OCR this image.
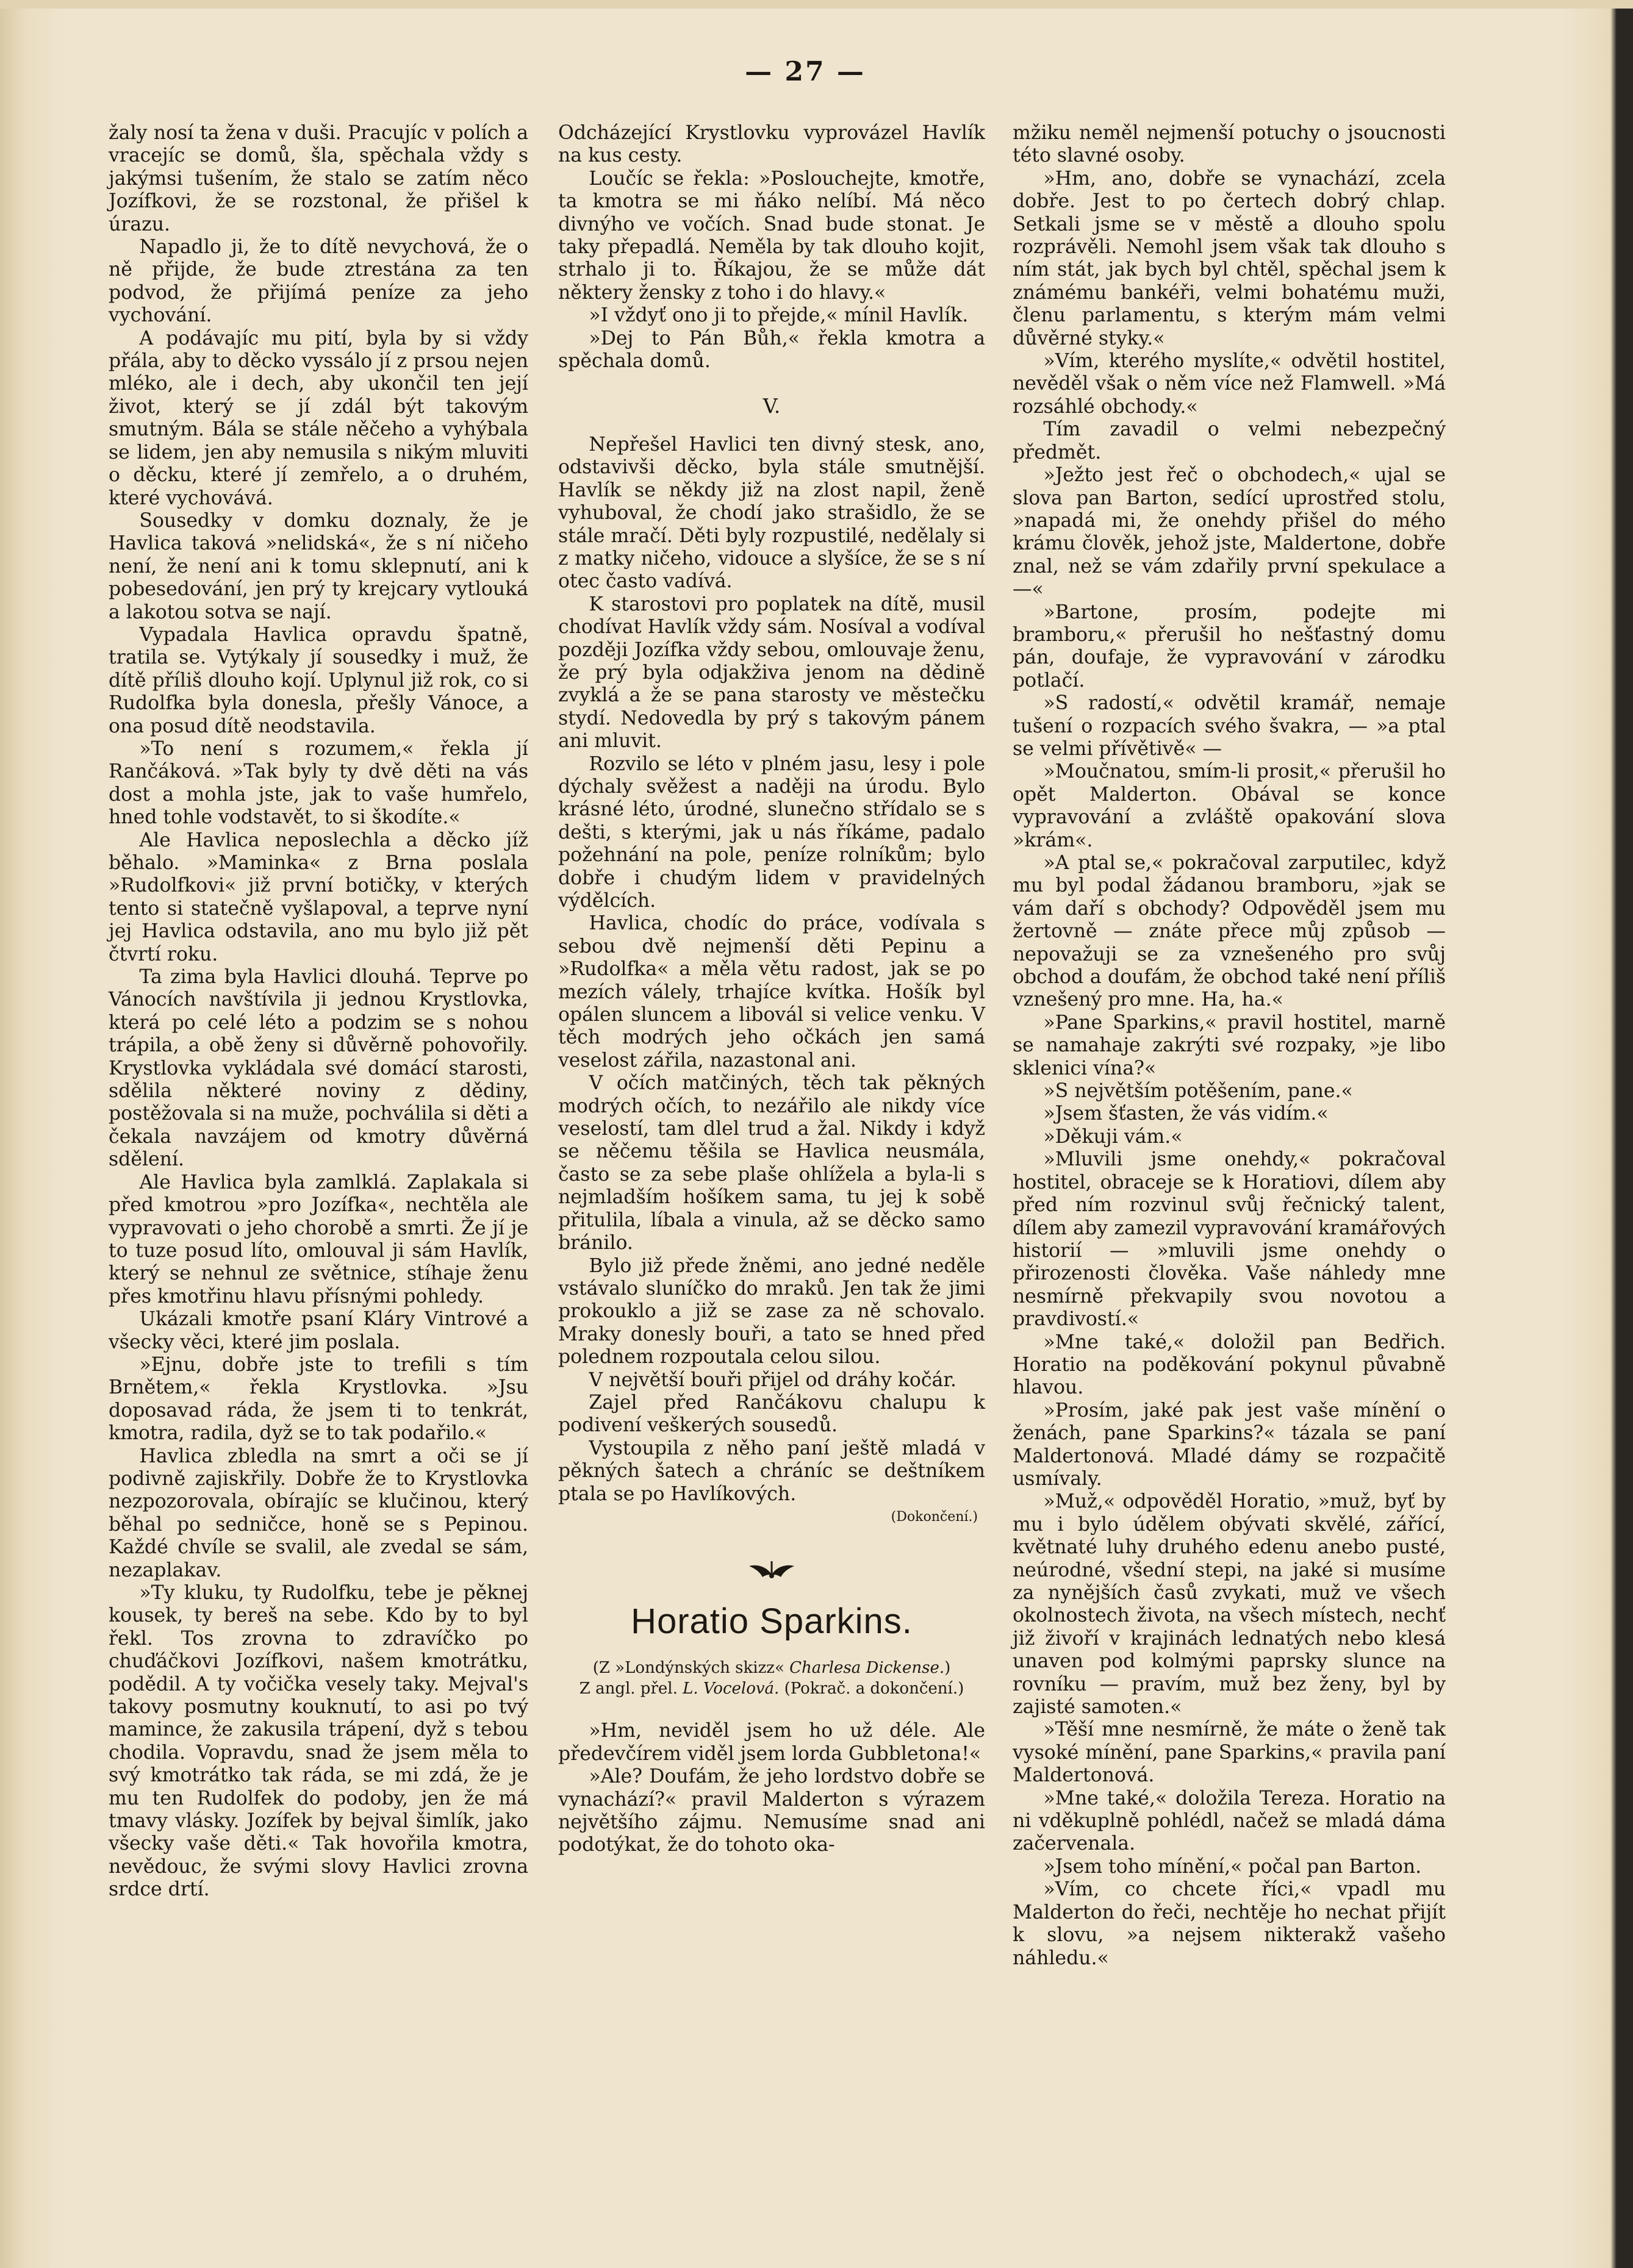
— 27 —

žaly nosí ta žena v duši. Pracujíc v polích a vracejíc se domů, šla, spěchala vždy s jakýmsi tušením, že stalo se zatím něco Jozífkovi, že se rozstonal, že přišel k úrazu.

Napadlo ji, že to dítě nevychová, že o ně přijde, že bude ztrestána za ten podvod, že přijímá peníze za jeho vychování.

A podávajíc mu pití, byla by si vždy přála, aby to děcko vyssálo jí z prsou nejen mléko, ale i dech, aby ukončil ten její život, který se jí zdál být takovým smutným. Bála se stále něčeho a vyhýbala se lidem, jen aby nemusila s nikým mluviti o děcku, které jí zemřelo, a o druhém, které vychovává.

Sousedky v domku doznaly, že je Havlica taková »nelidská«, že s ní ničeho není, že není ani k tomu sklepnutí, ani k pobesedování, jen prý ty krejcary vytlouká a lakotou sotva se nají.

Vypadala Havlica opravdu špatně, tratila se. Vytýkaly jí sousedky i muž, že dítě příliš dlouho kojí. Uplynul již rok, co si Rudolfka byla donesla, přešly Vánoce, a ona posud dítě neodstavila.

»To není s rozumem,« řekla jí Rančáková. »Tak byly ty dvě děti na vás dost a mohla jste, jak to vaše humřelo, hned tohle vodstavět, to si škodíte.«

Ale Havlica neposlechla a děcko jíž běhalo. »Maminka« z Brna poslala »Rudolfkovi« již první botičky, v kterých tento si statečně vyšlapoval, a teprve nyní jej Havlica odstavila, ano mu bylo již pět čtvrtí roku.

Ta zima byla Havlici dlouhá. Teprve po Vánocích navštívila ji jednou Krystlovka, která po celé léto a podzim se s nohou trápila, a obě ženy si důvěrně pohovořily. Krystlovka vykládala své domácí starosti, sdělila některé noviny z dědiny, postěžovala si na muže, pochválila si děti a čekala navzájem od kmotry důvěrná sdělení.

Ale Havlica byla zamlklá. Zaplakala si před kmotrou »pro Jozífka«, nechtěla ale vypravovati o jeho chorobě a smrti. Že jí je to tuze posud líto, omlouval ji sám Havlík, který se nehnul ze světnice, stíhaje ženu přes kmotřinu hlavu přísnými pohledy.

Ukázali kmotře psaní Kláry Vintrové a všecky věci, které jim poslala.

»Ejnu, dobře jste to trefili s tím Brnětem,« řekla Krystlovka. »Jsu doposavad ráda, že jsem ti to tenkrát, kmotra, radila, dyž se to tak podařilo.«

Havlica zbledla na smrt a oči se jí podivně zajiskřily. Dobře že to Krystlovka nezpozorovala, obírajíc se klučinou, který běhal po sedničce, honě se s Pepinou. Každé chvíle se svalil, ale zvedal se sám, nezaplakav.

»Ty kluku, ty Rudolfku, tebe je pěknej kousek, ty bereš na sebe. Kdo by to byl řekl. Tos zrovna to zdravíčko po chuďáčkovi Jozífkovi, našem kmotrátku, podědil. A ty vočička vesely taky. Mejval's takovy posmutny kouknutí, to asi po tvý mamince, že zakusila trápení, dyž s tebou chodila. Vopravdu, snad že jsem měla to svý kmotrátko tak ráda, se mi zdá, že je mu ten Rudolfek do podoby, jen že má tmavy vlásky. Jozífek by bejval šimlík, jako všecky vaše děti.« Tak hovořila kmotra, nevědouc, že svými slovy Havlici zrovna srdce drtí.

Odcházející Krystlovku vyprovázel Havlík na kus cesty.

Loučíc se řekla: »Poslouchejte, kmotře, ta kmotra se mi ňáko nelíbí. Má něco divnýho ve vočích. Snad bude stonat. Je taky přepadlá. Neměla by tak dlouho kojit, strhalo ji to. Říkajou, že se může dát některy žensky z toho i do hlavy.«

»I vždyť ono ji to přejde,« mínil Havlík.

»Dej to Pán Bůh,« řekla kmotra a spěchala domů.

V.

Nepřešel Havlici ten divný stesk, ano, odstavivši děcko, byla stále smutnější. Havlík se někdy již na zlost napil, ženě vyhuboval, že chodí jako strašidlo, že se stále mračí. Děti byly rozpustilé, nedělaly si z matky ničeho, vidouce a slyšíce, že se s ní otec často vadívá.

K starostovi pro poplatek na dítě, musil chodívat Havlík vždy sám. Nosíval a vodíval později Jozífka vždy sebou, omlouvaje ženu, že prý byla odjakživa jenom na dědině zvyklá a že se pana starosty ve městečku stydí. Nedovedla by prý s takovým pánem ani mluvit.

Rozvilo se léto v plném jasu, lesy i pole dýchaly svěžest a naději na úrodu. Bylo krásné léto, úrodné, slunečno střídalo se s dešti, s kterými, jak u nás říkáme, padalo požehnání na pole, peníze rolníkům; bylo dobře i chudým lidem v pravidelných výdělcích.

Havlica, chodíc do práce, vodívala s sebou dvě nejmenší děti Pepinu a »Rudolfka« a měla větu radost, jak se po mezích válely, trhajíce kvítka. Hošík byl opálen sluncem a libovál si velice venku. V těch modrých jeho očkách jen samá veselost zářila, nazastonal ani.

V očích matčiných, těch tak pěkných modrých očích, to nezářilo ale nikdy více veselostí, tam dlel trud a žal. Nikdy i když se něčemu těšila se Havlica neusmála, často se za sebe plaše ohlížela a byla-li s nejmladším hošíkem sama, tu jej k sobě přitulila, líbala a vinula, až se děcko samo bránilo.

Bylo již přede žněmi, ano jedné neděle vstávalo sluníčko do mraků. Jen tak že jimi prokouklo a již se zase za ně schovalo. Mraky donesly bouři, a tato se hned před polednem rozpoutala celou silou.

V největší bouři přijel od dráhy kočár.

Zajel před Rančákovu chalupu k podivení veškerých sousedů.

Vystoupila z něho paní ještě mladá v pěkných šatech a chráníc se deštníkem ptala se po Havlíkových.

(Dokončení.)

Horatio Sparkins.

(Z »Londýnských skizz« Charlesa Dickense.)

Z angl. přel. L. Vocelová. (Pokrač. a dokončení.)

»Hm, neviděl jsem ho už déle. Ale předevčírem viděl jsem lorda Gubbletona!«

»Ale? Doufám, že jeho lordstvo dobře se vynachází?« pravil Malderton s výrazem největšího zájmu. Nemusíme snad ani podotýkat, že do tohoto oka-

mžiku neměl nejmenší potuchy o jsoucnosti této slavné osoby.

»Hm, ano, dobře se vynachází, zcela dobře. Jest to po čertech dobrý chlap. Setkali jsme se v městě a dlouho spolu rozprávěli. Nemohl jsem však tak dlouho s ním stát, jak bych byl chtěl, spěchal jsem k známému bankéři, velmi bohatému muži, členu parlamentu, s kterým mám velmi důvěrné styky.«

»Vím, kterého myslíte,« odvětil hostitel, nevěděl však o něm více než Flamwell. »Má rozsáhlé obchody.«

Tím zavadil o velmi nebezpečný předmět.

»Ježto jest řeč o obchodech,« ujal se slova pan Barton, sedící uprostřed stolu, »napadá mi, že onehdy přišel do mého krámu člověk, jehož jste, Maldertone, dobře znal, než se vám zdařily první spekulace a —«

»Bartone, prosím, podejte mi bramboru,« přerušil ho nešťastný domu pán, doufaje, že vypravování v zárodku potlačí.

»S radostí,« odvětil kramář, nemaje tušení o rozpacích svého švakra, — »a ptal se velmi přívětivě« —

»Moučnatou, smím-li prosit,« přerušil ho opět Malderton. Obával se konce vypravování a zvláště opakování slova »krám«.

»A ptal se,« pokračoval zarputilec, když mu byl podal žádanou bramboru, »jak se vám daří s obchody? Odpověděl jsem mu žertovně — znáte přece můj způsob — nepovažuji se za vznešeného pro svůj obchod a doufám, že obchod také není příliš vznešený pro mne. Ha, ha.«

»Pane Sparkins,« pravil hostitel, marně se namahaje zakrýti své rozpaky, »je libo sklenici vína?«

»S největším potěšením, pane.«

»Jsem šťasten, že vás vidím.«

»Děkuji vám.«

»Mluvili jsme onehdy,« pokračoval hostitel, obraceje se k Horatiovi, dílem aby před ním rozvinul svůj řečnický talent, dílem aby zamezil vypravování kramářových historií — »mluvili jsme onehdy o přirozenosti člověka. Vaše náhledy mne nesmírně překvapily svou novotou a pravdivostí.«

»Mne také,« doložil pan Bedřich. Horatio na poděkování pokynul půvabně hlavou.

»Prosím, jaké pak jest vaše mínění o ženách, pane Sparkins?« tázala se paní Maldertonová. Mladé dámy se rozpačitě usmívaly.

»Muž,« odpověděl Horatio, »muž, byť by mu i bylo údělem obývati skvělé, zářící, květnaté luhy druhého edenu anebo pusté, neúrodné, všední stepi, na jaké si musíme za nynějších časů zvykati, muž ve všech okolnostech života, na všech místech, nechť již živoří v krajinách lednatých nebo klesá unaven pod kolmými paprsky slunce na rovníku — pravím, muž bez ženy, byl by zajisté samoten.«

»Těší mne nesmírně, že máte o ženě tak vysoké mínění, pane Sparkins,« pravila paní Maldertonová.

»Mne také,« doložila Tereza. Horatio na ni vděkuplně pohlédl, načež se mladá dáma začervenala.

»Jsem toho mínění,« počal pan Barton.

»Vím, co chcete říci,« vpadl mu Malderton do řeči, nechtěje ho nechat přijít k slovu, »a nejsem nikterakž vašeho náhledu.«
